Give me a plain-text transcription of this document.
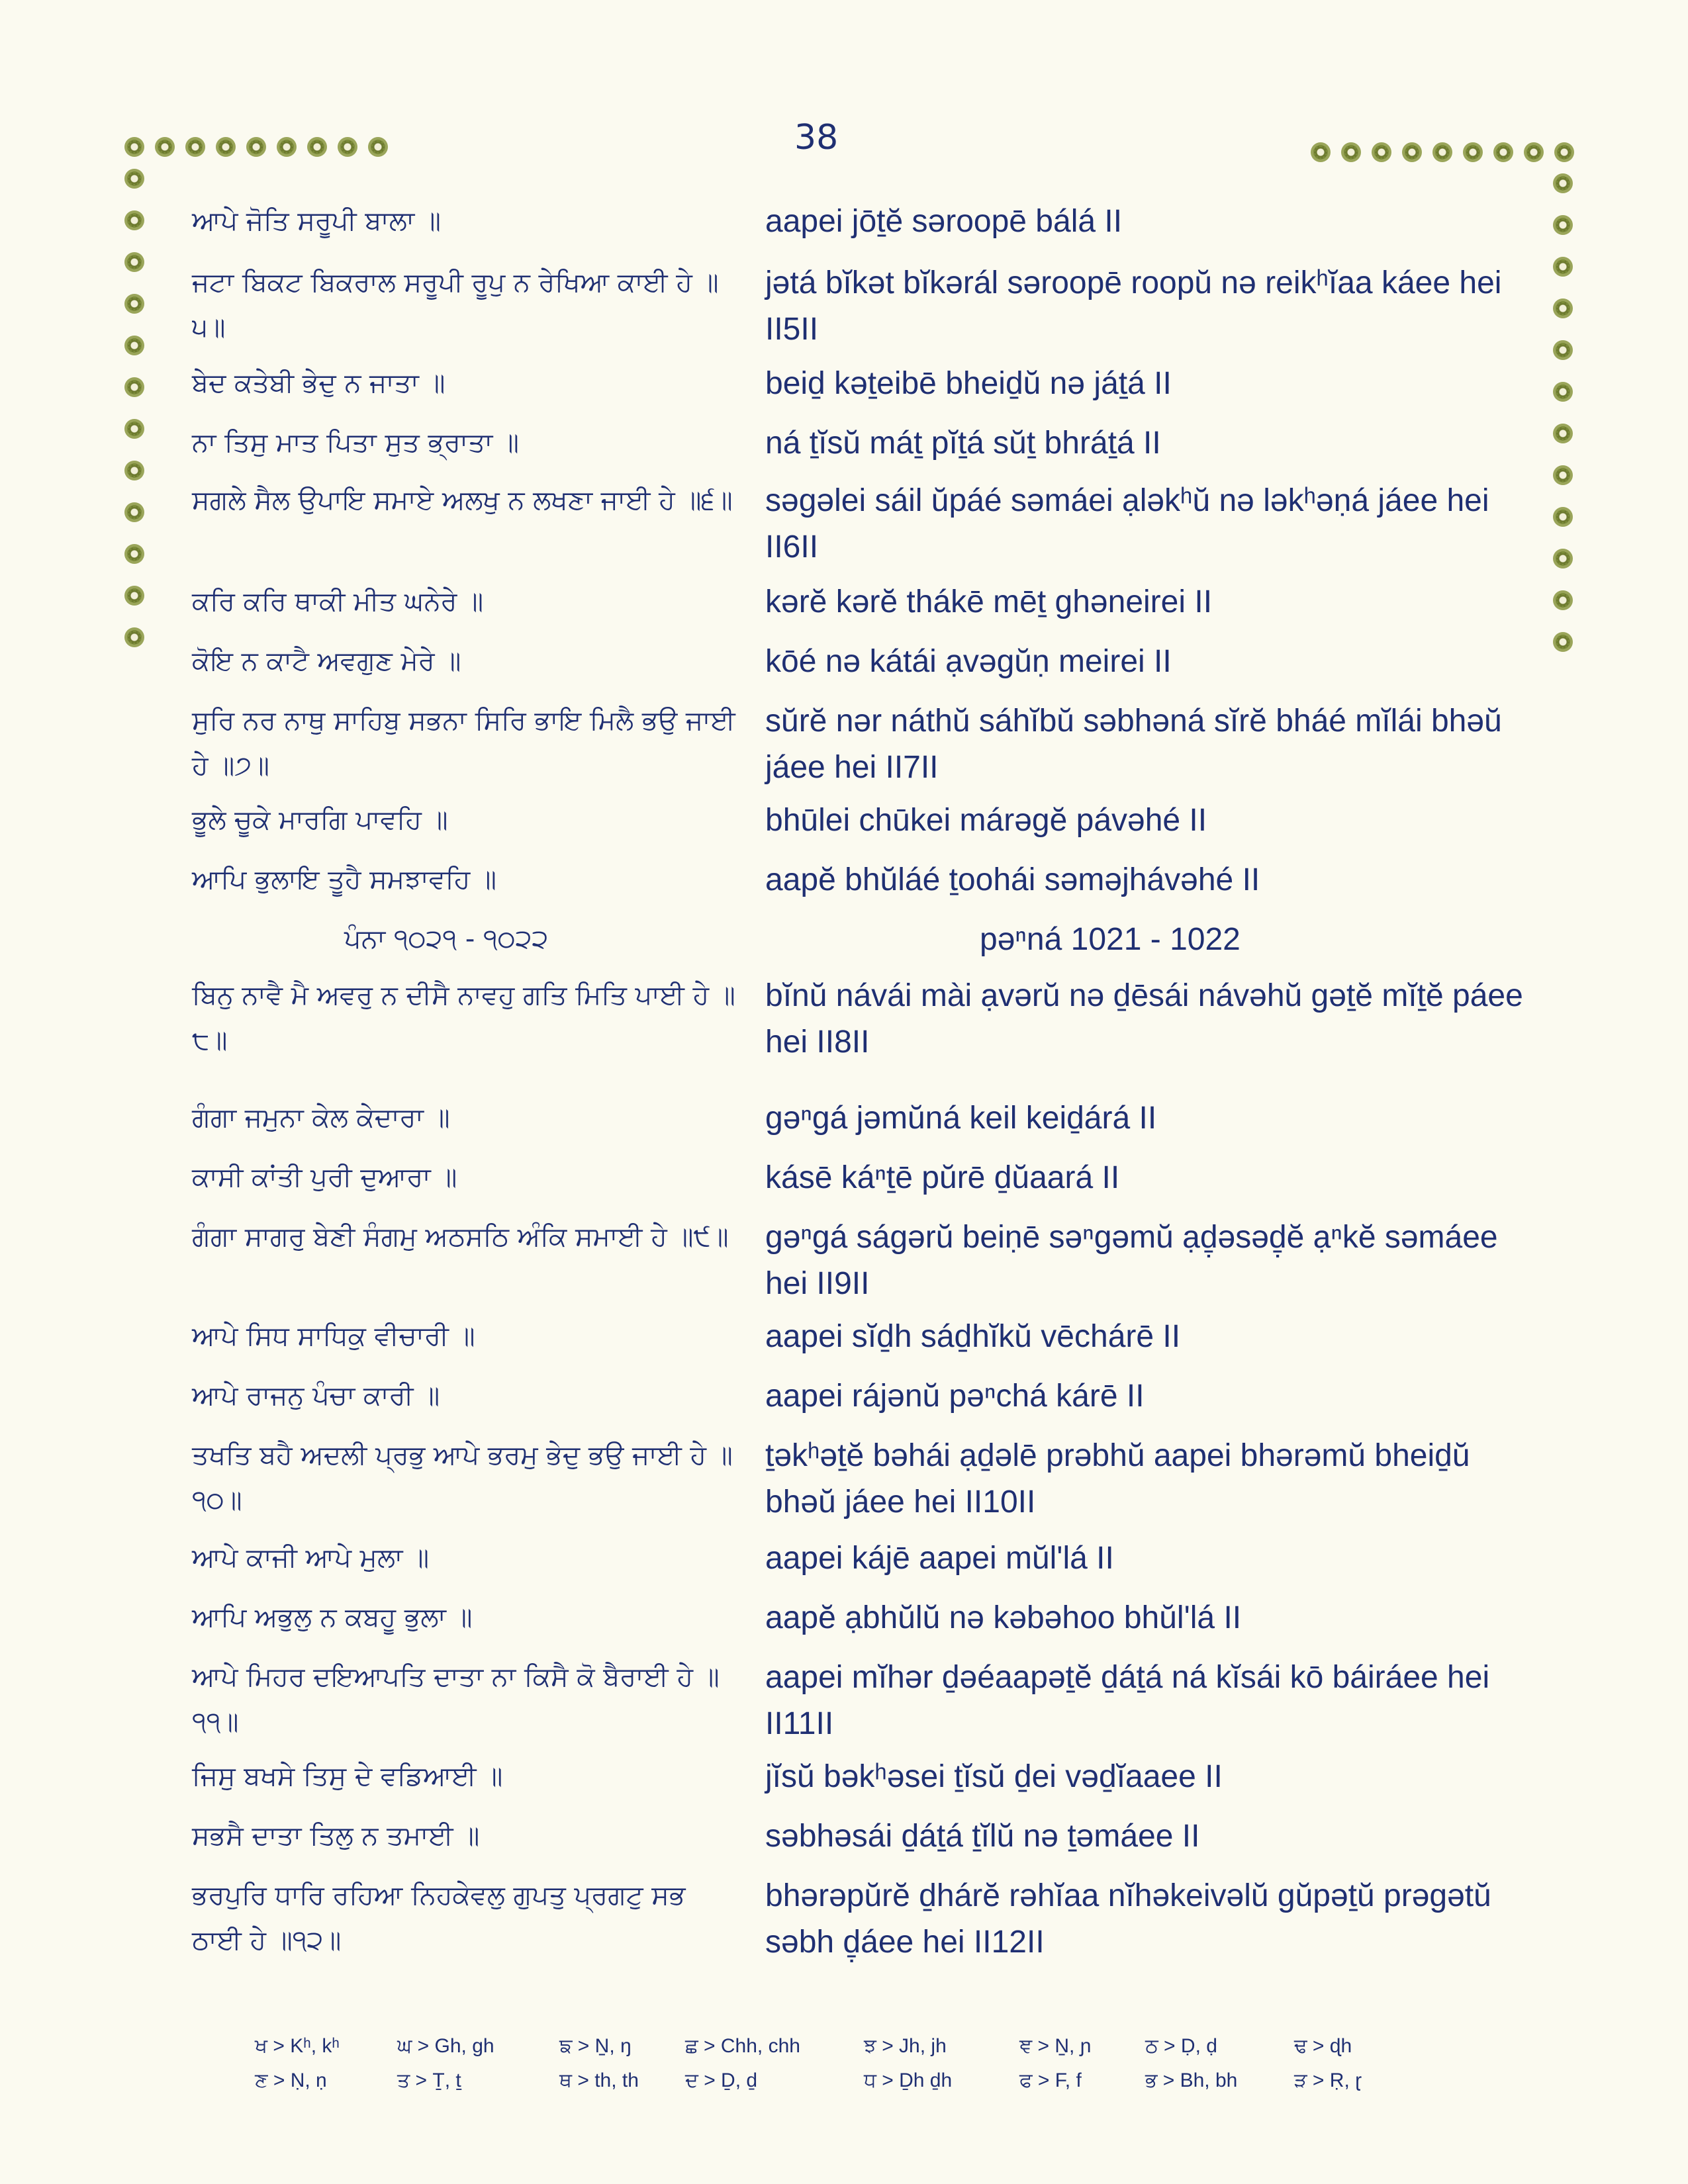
38
ਆਪੇ ਜੋਤਿ ਸਰੂਪੀ ਬਾਲਾ ॥	aapei jōṯĕ səroopē bálá II
ਜਟਾ ਬਿਕਟ ਬਿਕਰਾਲ ਸਰੂਪੀ ਰੂਪੁ ਨ ਰੇਖਿਆ ਕਾਈ ਹੇ ॥੫॥
jətá bĭkət bĭkərál səroopē roopŭ nə reikʰĭaa káee hei II5II
ਬੇਦ ਕਤੇਬੀ ਭੇਦੁ ਨ ਜਾਤਾ ॥	beiḏ kəṯeibē bheiḏŭ nə jáṯá II
ਨਾ ਤਿਸੁ ਮਾਤ ਪਿਤਾ ਸੁਤ ਭ੍ਰਾਤਾ ॥	ná ṯĭsŭ máṯ pĭṯá sŭṯ bhráṯá II
ਸਗਲੇ ਸੈਲ ਉਪਾਇ ਸਮਾਏ ਅਲਖੁ ਨ ਲਖਣਾ ਜਾਈ ਹੇ ॥੬॥ səgəlei sáil ŭpáé səmáei ạləkʰŭ nə ləkʰəṇá jáee hei II6II
ਕਰਿ ਕਰਿ ਥਾਕੀ ਮੀਤ ਘਨੇਰੇ ॥	kərĕ kərĕ thákē mēṯ ghəneirei II
ਕੋਇ ਨ ਕਾਟੈ ਅਵਗੁਣ ਮੇਰੇ ॥	kōé nə kátái ạvəgŭṇ meirei II
ਸੁਰਿ ਨਰ ਨਾਥੁ ਸਾਹਿਬੁ ਸਭਨਾ ਸਿਰਿ ਭਾਇ ਮਿਲੈ ਭਉ ਜਾਈ ਹੇ ॥੭॥
sŭrĕ nər náthŭ sáhĭbŭ səbhəná sĭrĕ bháé mĭlái bhəŭ jáee hei II7II
ਭੂਲੇ ਚੂਕੇ ਮਾਰਗਿ ਪਾਵਹਿ ॥	bhūlei chūkei márəgĕ pávəhé II
ਆਪਿ ਭੁਲਾਇ ਤੂਹੈ ਸਮਝਾਵਹਿ ॥	aapĕ bhŭláé ṯoohái səməjhávəhé II
ਪੰਨਾ ੧੦੨੧ - ੧੦੨੨	pəⁿná 1021 - 1022
ਬਿਨੁ ਨਾਵੈ ਮੈ ਅਵਰੁ ਨ ਦੀਸੈ ਨਾਵਹੁ ਗਤਿ ਮਿਤਿ ਪਾਈ ਹੇ ॥੮॥
bĭnŭ návái mài ạvərŭ nə ḏēsái návəhŭ gəṯĕ mĭṯĕ páee hei II8II
ਗੰਗਾ ਜਮੁਨਾ ਕੇਲ ਕੇਦਾਰਾ ॥	gəⁿgá jəmŭná keil keiḏárá II
ਕਾਸੀ ਕਾਂਤੀ ਪੁਰੀ ਦੁਆਰਾ ॥	kásē káⁿṯē pŭrē ḏŭaará II
ਗੰਗਾ ਸਾਗਰੁ ਬੇਣੀ ਸੰਗਮੁ ਅਠਸਠਿ ਅੰਕਿ ਸਮਾਈ ਹੇ ॥੯॥	gəⁿgá ságərŭ beiṇē səⁿgəmŭ ạḏ̣əsəḏ̣ĕ ạⁿkĕ səmáee hei II9II
ਆਪੇ ਸਿਧ ਸਾਧਿਕੁ ਵੀਚਾਰੀ ॥	aapei sĭḏh sáḏhĭkŭ vēchárē II
ਆਪੇ ਰਾਜਨੁ ਪੰਚਾ ਕਾਰੀ ॥	aapei rájənŭ pəⁿchá kárē II
ਤਖਤਿ ਬਹੈ ਅਦਲੀ ਪ੍ਰਭੁ ਆਪੇ ਭਰਮੁ ਭੇਦੁ ਭਉ ਜਾਈ ਹੇ ॥੧੦॥
ṯəkʰəṯĕ bəhái ạḏəlē prəbhŭ aapei bhərəmŭ bheiḏŭ bhəŭ jáee hei II10II
ਆਪੇ ਕਾਜੀ ਆਪੇ ਮੁਲਾ ॥	aapei kájē aapei mŭl'lá II
ਆਪਿ ਅਭੁਲੁ ਨ ਕਬਹੂ ਭੁਲਾ ॥	aapĕ ạbhŭlŭ nə kəbəhoo bhŭl'lá II
ਆਪੇ ਮਿਹਰ ਦਇਆਪਤਿ ਦਾਤਾ ਨਾ ਕਿਸੈ ਕੋ ਬੈਰਾਈ ਹੇ ॥੧੧॥
aapei mĭhər ḏəéaapəṯĕ ḏáṯá ná kĭsái kō báiráee hei II11II
ਜਿਸੁ ਬਖਸੇ ਤਿਸੁ ਦੇ ਵਡਿਆਈ ॥	jĭsŭ bəkʰəsei ṯĭsŭ ḏei vəḏĭaaee II
ਸਭਸੈ ਦਾਤਾ ਤਿਲੁ ਨ ਤਮਾਈ ॥	səbhəsái ḏáṯá ṯĭlŭ nə ṯəmáee II
ਭਰਪੁਰਿ ਧਾਰਿ ਰਹਿਆ ਨਿਹਕੇਵਲੁ ਗੁਪਤੁ ਪ੍ਰਗਟੁ ਸਭ ਠਾਈ ਹੇ ॥੧੨॥
bhərəpŭrĕ ḏhárĕ rəhĭaa nĭhəkeivəlŭ gŭpəṯŭ prəgətŭ səbh ḏ̣áee hei II12II
ਖ > Kʰ, kʰ	ਘ > Gh, gh	ਙ > N̠, ŋ	ਛ > Chh, chh	ਝ > Jh, jh	ਞ > N̠, ɲ	ਠ > Ḍ, ḍ	ਢ > ɖh
ਣ > Ṇ, ṇ	ਤ > Ṯ, ṯ	ਥ > th, th ਦ > Ḏ, ḏ	ਧ > Ḏh ḏh	ਫ > F, f	ਭ > Bh, bh	ੜ > Ṛ, ɽ
